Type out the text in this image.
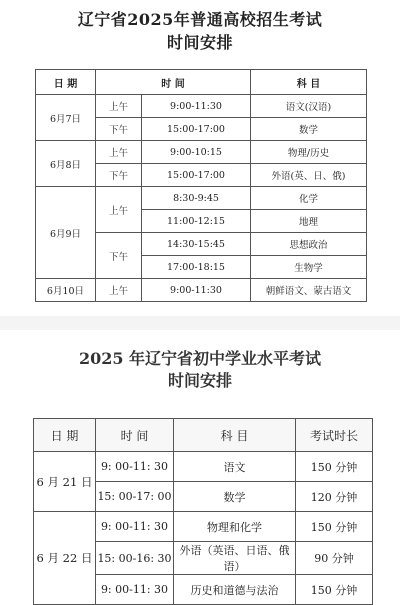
辽宁省2025年普通高校招生考试
时间安排
日 期	时 间		科 目
6月7日	上午	9:00-11:30	语文(汉语)
	下午	15:00-17:00	数学
6月8日	上午	9:00-10:15	物理/历史
	下午	15:00-17:00	外语(英、日、俄)
6月9日	上午	8:30-9:45	化学
		11:00-12:15	地理
	下午	14:30-15:45	思想政治
		17:00-18:15	生物学
6月10日	上午	9:00-11:30	朝鲜语文、蒙古语文
2025 年辽宁省初中学业水平考试
时间安排
日 期	时 间	科 目	考试时长
6 月 21 日	9: 00-11: 30	语文	150 分钟
	15: 00-17: 00	数学	120 分钟
6 月 22 日	9: 00-11: 30	物理和化学	150 分钟
	15: 00-16: 30	外语（英语、日语、俄语）	90 分钟
	9: 00-11: 30	历史和道德与法治	150 分钟
